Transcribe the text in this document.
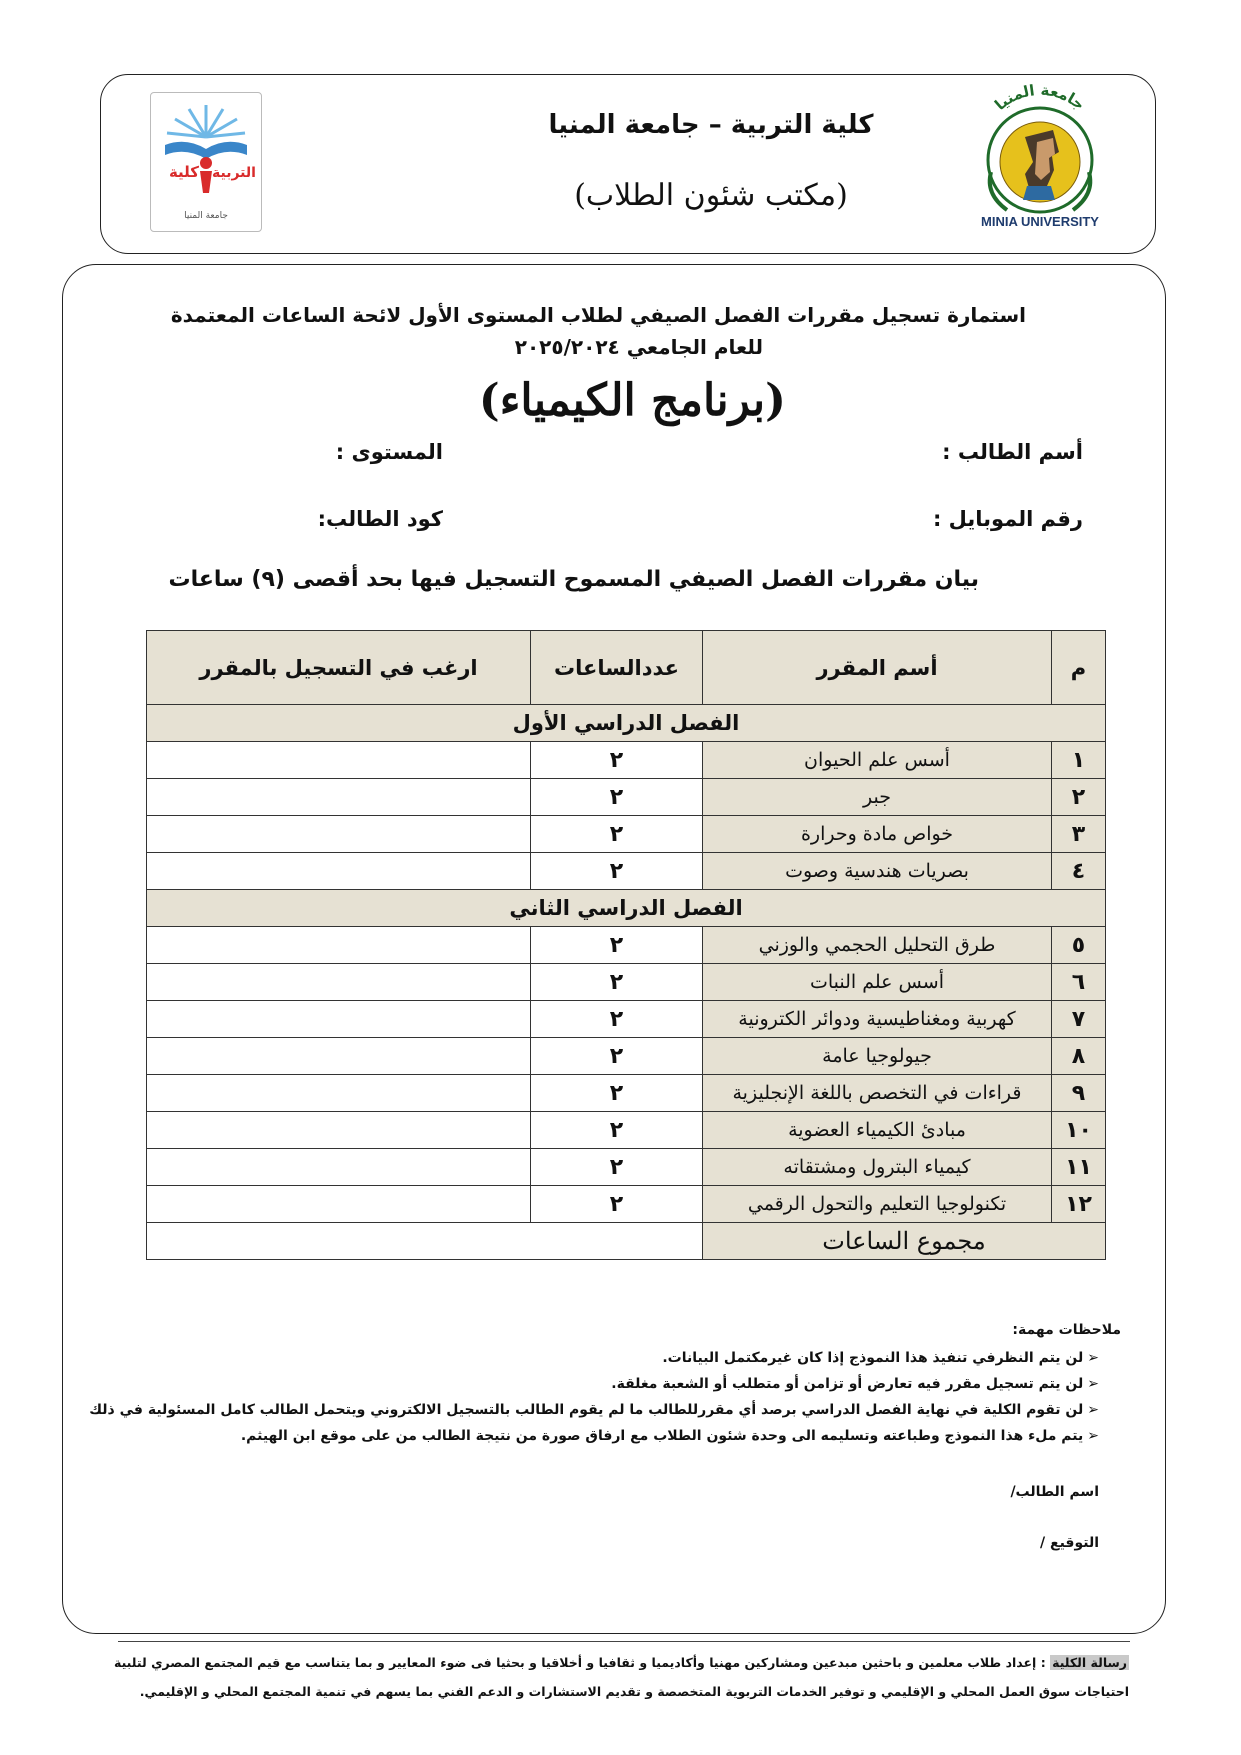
جامعة المنيا
MINIA UNIVERSITY
كلية التربية
جامعة المنيا
كلية التربية – جامعة المنيا
(مكتب شئون الطلاب)
استمارة تسجيل مقررات الفصل الصيفي لطلاب المستوى الأول لائحة الساعات المعتمدة
للعام الجامعي ٢٠٢٥/٢٠٢٤
(برنامج الكيمياء)
أسم الطالب :
المستوى :
رقم الموبايل :
كود الطالب:
بيان مقررات الفصل الصيفي المسموح التسجيل فيها بحد أقصى (٩) ساعات
م	أسم المقرر	عددالساعات	ارغب في التسجيل بالمقرر
الفصل الدراسي الأول			
١	أسس علم الحيوان	٢	
٢	جبر	٢	
٣	خواص مادة وحرارة	٢	
٤	بصريات هندسية وصوت	٢	
الفصل الدراسي الثاني			
٥	طرق التحليل الحجمي والوزني	٢	
٦	أسس علم النبات	٢	
٧	كهربية ومغناطيسية ودوائر الكترونية	٢	
٨	جيولوجيا عامة	٢	
٩	قراءات في التخصص باللغة الإنجليزية	٢	
١٠	مبادئ الكيمياء العضوية	٢	
١١	كيمياء البترول ومشتقاته	٢	
١٢	تكنولوجيا التعليم والتحول الرقمي	٢	
مجموع الساعات			
ملاحظات مهمة:
➢لن يتم النظرفي تنفيذ هذا النموذج إذا كان غيرمكتمل البيانات.
➢لن يتم تسجيل مقرر فيه تعارض أو تزامن أو متطلب أو الشعبة مغلقة.
➢لن تقوم الكلية في نهاية الفصل الدراسي برصد أي مقررللطالب ما لم يقوم الطالب بالتسجيل الالكتروني ويتحمل الطالب كامل المسئولية في ذلك
➢يتم ملء هذا النموذج وطباعته وتسليمه الى وحدة شئون الطلاب مع ارفاق صورة من نتيجة الطالب من على موقع ابن الهيثم.
اسم الطالب/
التوقيع /
رسالة الكلية : إعداد طلاب معلمين و باحثين مبدعين ومشاركين مهنيا وأكاديميا و ثقافيا و أخلاقيا و بحثيا فى ضوء المعايير و بما يتناسب مع قيم المجتمع المصري لتلبية احتياجات سوق العمل المحلي و الإقليمي و توفير الخدمات التربوية المتخصصة و تقديم الاستشارات و الدعم الفني بما يسهم في تنمية المجتمع المحلي و الإقليمي.
